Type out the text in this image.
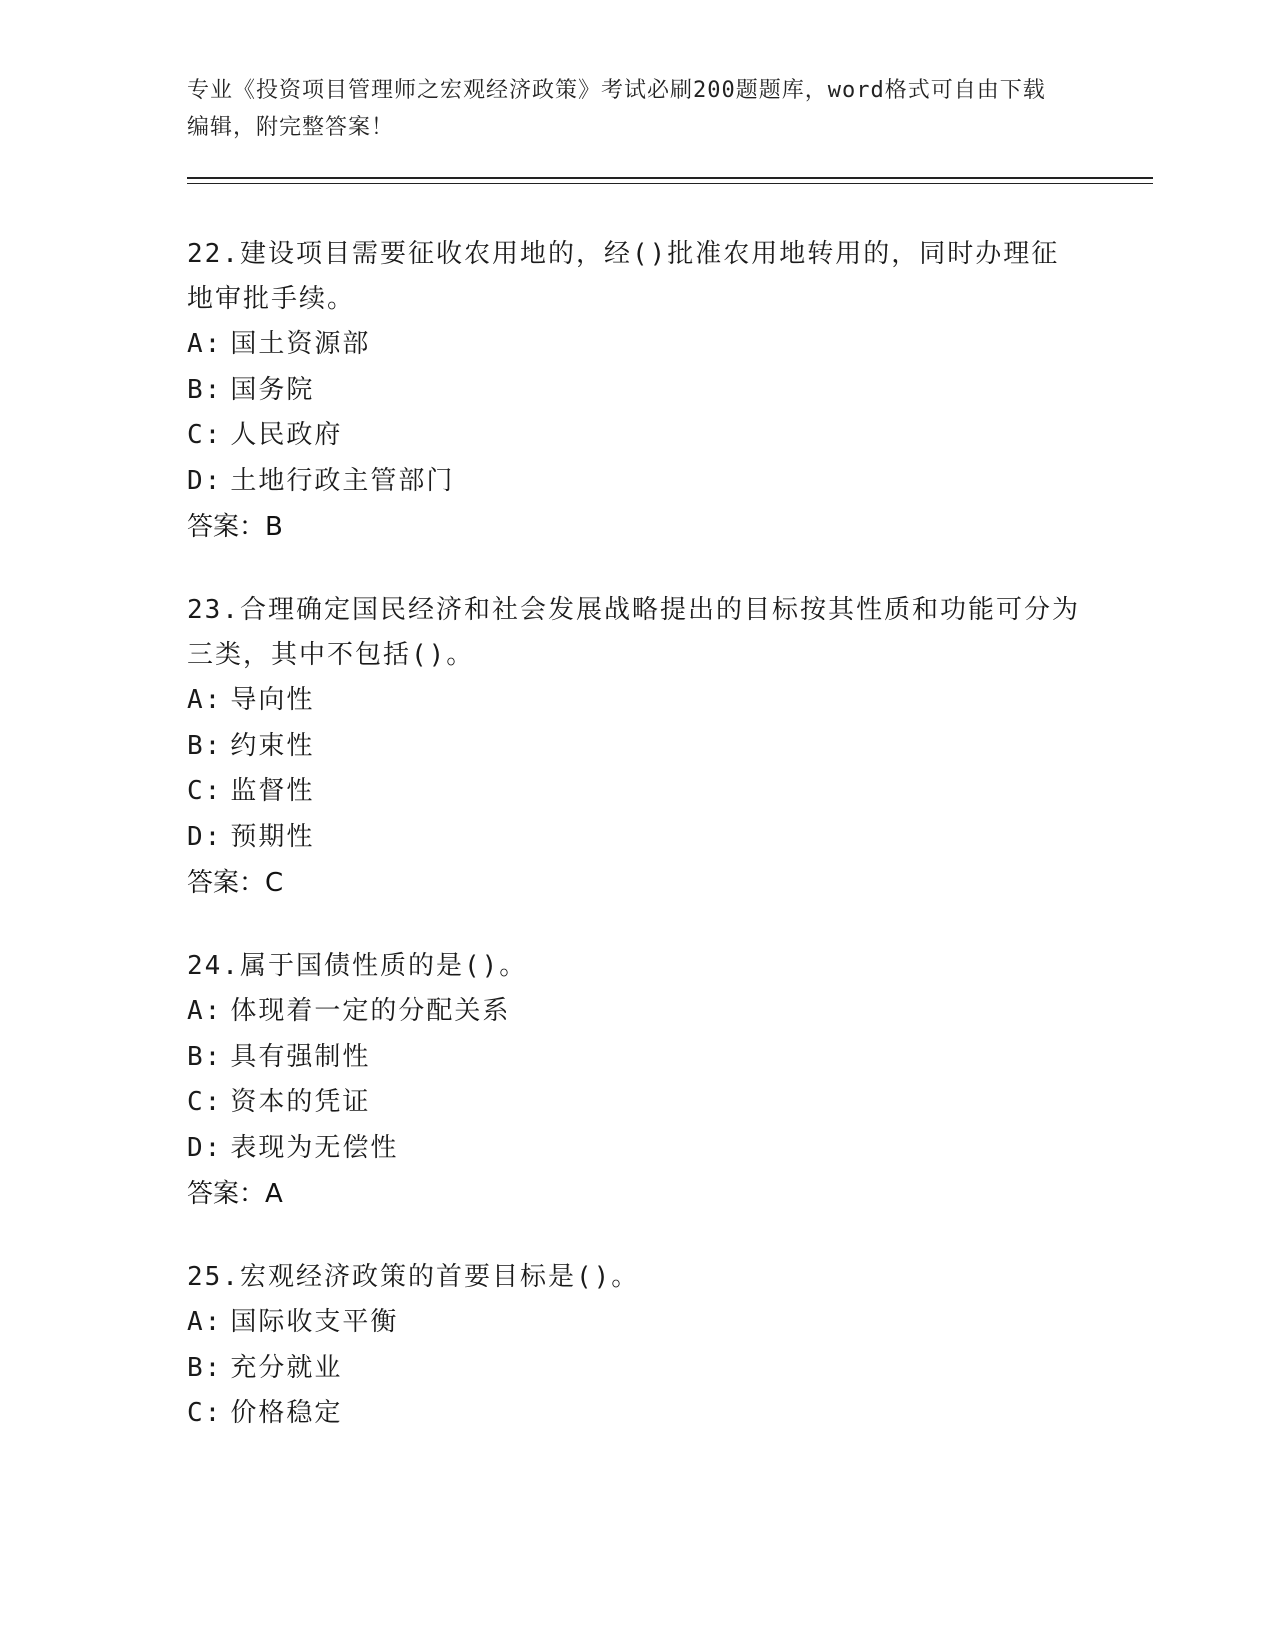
专业《投资项目管理师之宏观经济政策》考试必刷200题题库，word格式可自由下载编辑，附完整答案！
22.建设项目需要征收农用地的，经()批准农用地转用的，同时办理征地审批手续。
A: 国土资源部
B: 国务院
C: 人民政府
D: 土地行政主管部门
答案：B
23.合理确定国民经济和社会发展战略提出的目标按其性质和功能可分为三类，其中不包括()。
A: 导向性
B: 约束性
C: 监督性
D: 预期性
答案：C
24.属于国债性质的是()。
A: 体现着一定的分配关系
B: 具有强制性
C: 资本的凭证
D: 表现为无偿性
答案：A
25.宏观经济政策的首要目标是()。
A: 国际收支平衡
B: 充分就业
C: 价格稳定
